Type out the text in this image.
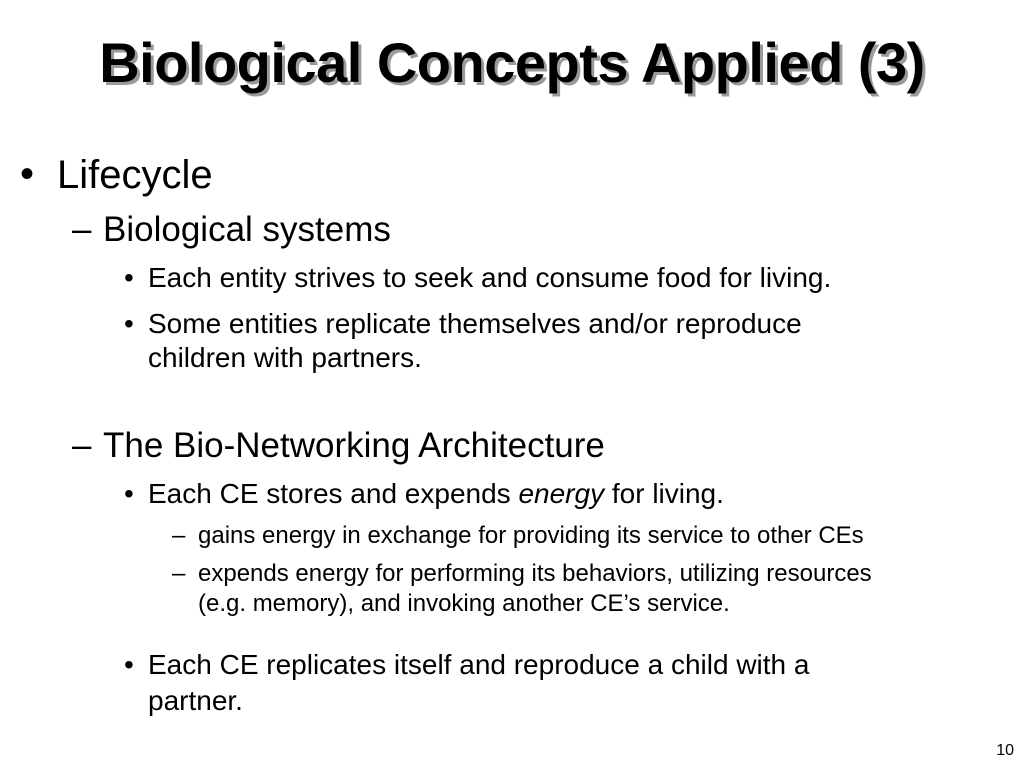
Biological Concepts Applied (3)
• Lifecycle
– Biological systems
• Each entity strives to seek and consume food for living.
• Some entities replicate themselves and/or reproduce
children with partners.
– The Bio-Networking Architecture
• Each CE stores and expends energy for living.
– gains energy in exchange for providing its service to other CEs
– expends energy for performing its behaviors, utilizing resources
(e.g. memory), and invoking another CE’s service.
• Each CE replicates itself and reproduce a child with a
partner.
10
